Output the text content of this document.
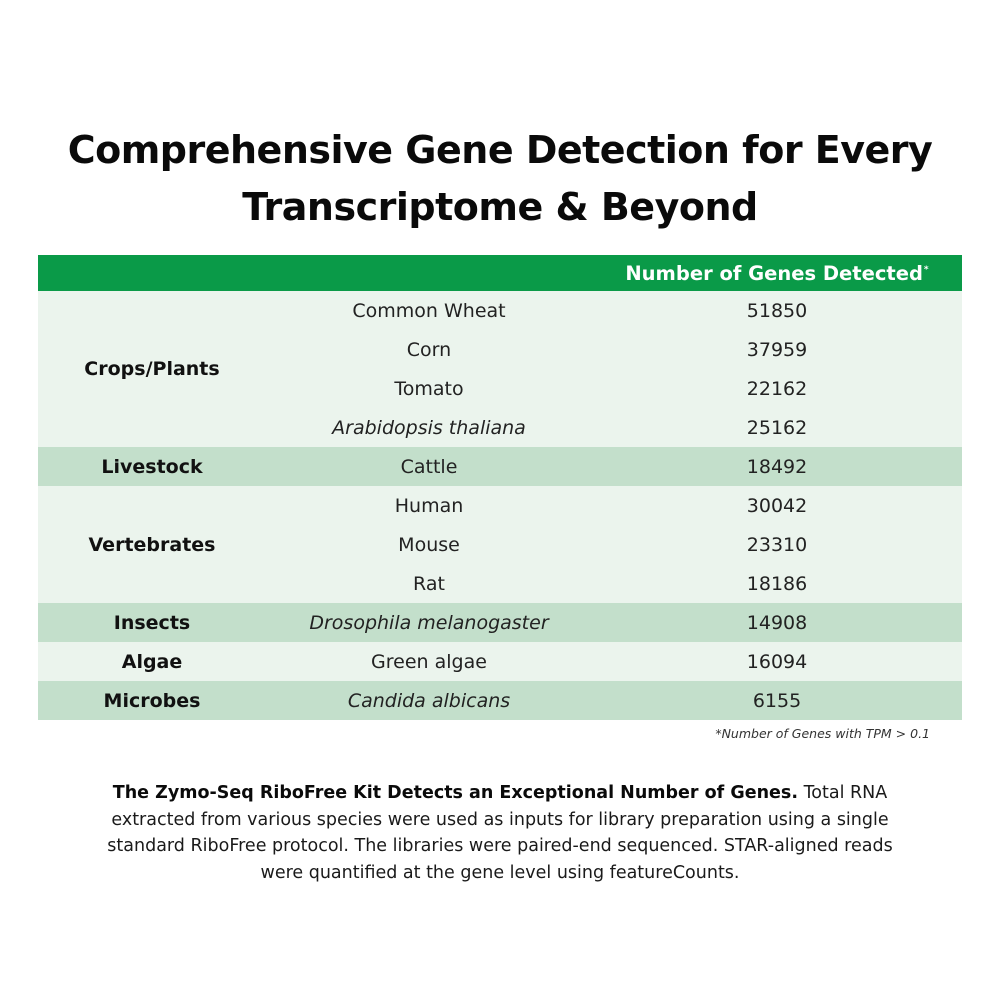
Comprehensive Gene Detection for Every
Transcriptome & Beyond
		Number of Genes Detected*
Crops/Plants	Common Wheat	51850
	Corn	37959
	Tomato	22162
	Arabidopsis thaliana	25162
Livestock	Cattle	18492
Vertebrates	Human	30042
	Mouse	23310
	Rat	18186
Insects	Drosophila melanogaster	14908
Algae	Green algae	16094
Microbes	Candida albicans	6155
*Number of Genes with TPM > 0.1
The Zymo-Seq RiboFree Kit Detects an Exceptional Number of Genes. Total RNA extracted from various species were used as inputs for library preparation using a single standard RiboFree protocol. The libraries were paired-end sequenced. STAR-aligned reads were quantified at the gene level using featureCounts.
